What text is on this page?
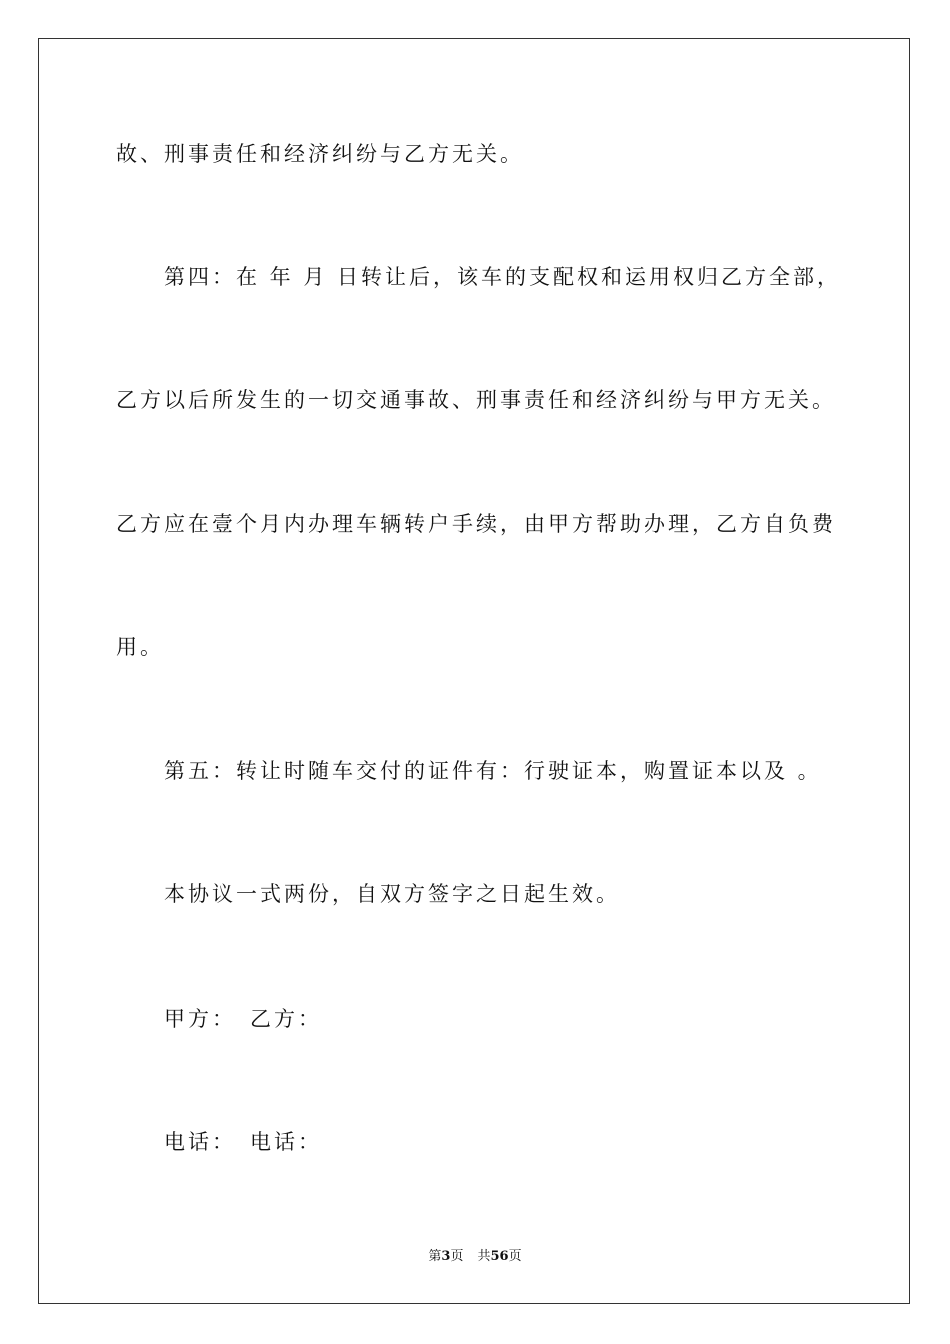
故、刑事责任和经济纠纷与乙方无关。
第四：在 年 月 日转让后，该车的支配权和运用权归乙方全部，
乙方以后所发生的一切交通事故、刑事责任和经济纠纷与甲方无关。
乙方应在壹个月内办理车辆转户手续，由甲方帮助办理，乙方自负费
用。
第五：转让时随车交付的证件有：行驶证本，购置证本以及 。
本协议一式两份，自双方签字之日起生效。
甲方： 乙方：
电话： 电话：
第3页 共56页
